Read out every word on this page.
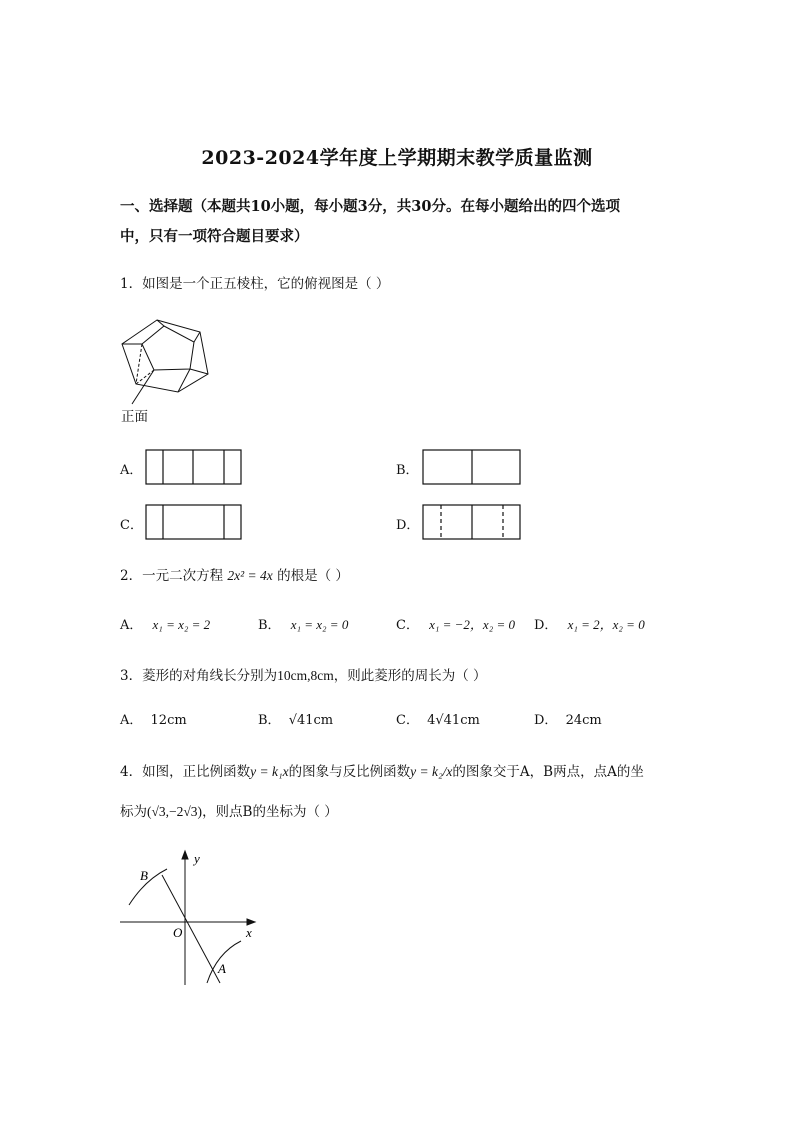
2023-2024学年度上学期期末教学质量监测
一、选择题（本题共10小题，每小题3分，共30分。在每小题给出的四个选项
中，只有一项符合题目要求）
1．如图是一个正五棱柱，它的俯视图是（ ）
正面
A．	B．
C．	D．
2．一元二次方程 2x² = 4x 的根是（ ）
A． x₁ = x₂ = 2	B． x₁ = x₂ = 0	C． x₁ = −2，x₂ = 0 D． x₁ = 2，x₂ = 0
3．菱形的对角线长分别为10cm,8cm，则此菱形的周长为（ ）
A． 12cm	B． √41cm	C． 4√41cm	D． 24cm
4．如图，正比例函数y = k₁x的图象与反比例函数y = k₂/x的图象交于A，B两点，点A的坐
标为(√3,−2√3)，则点B的坐标为（ ）
B
y
O	x
A
